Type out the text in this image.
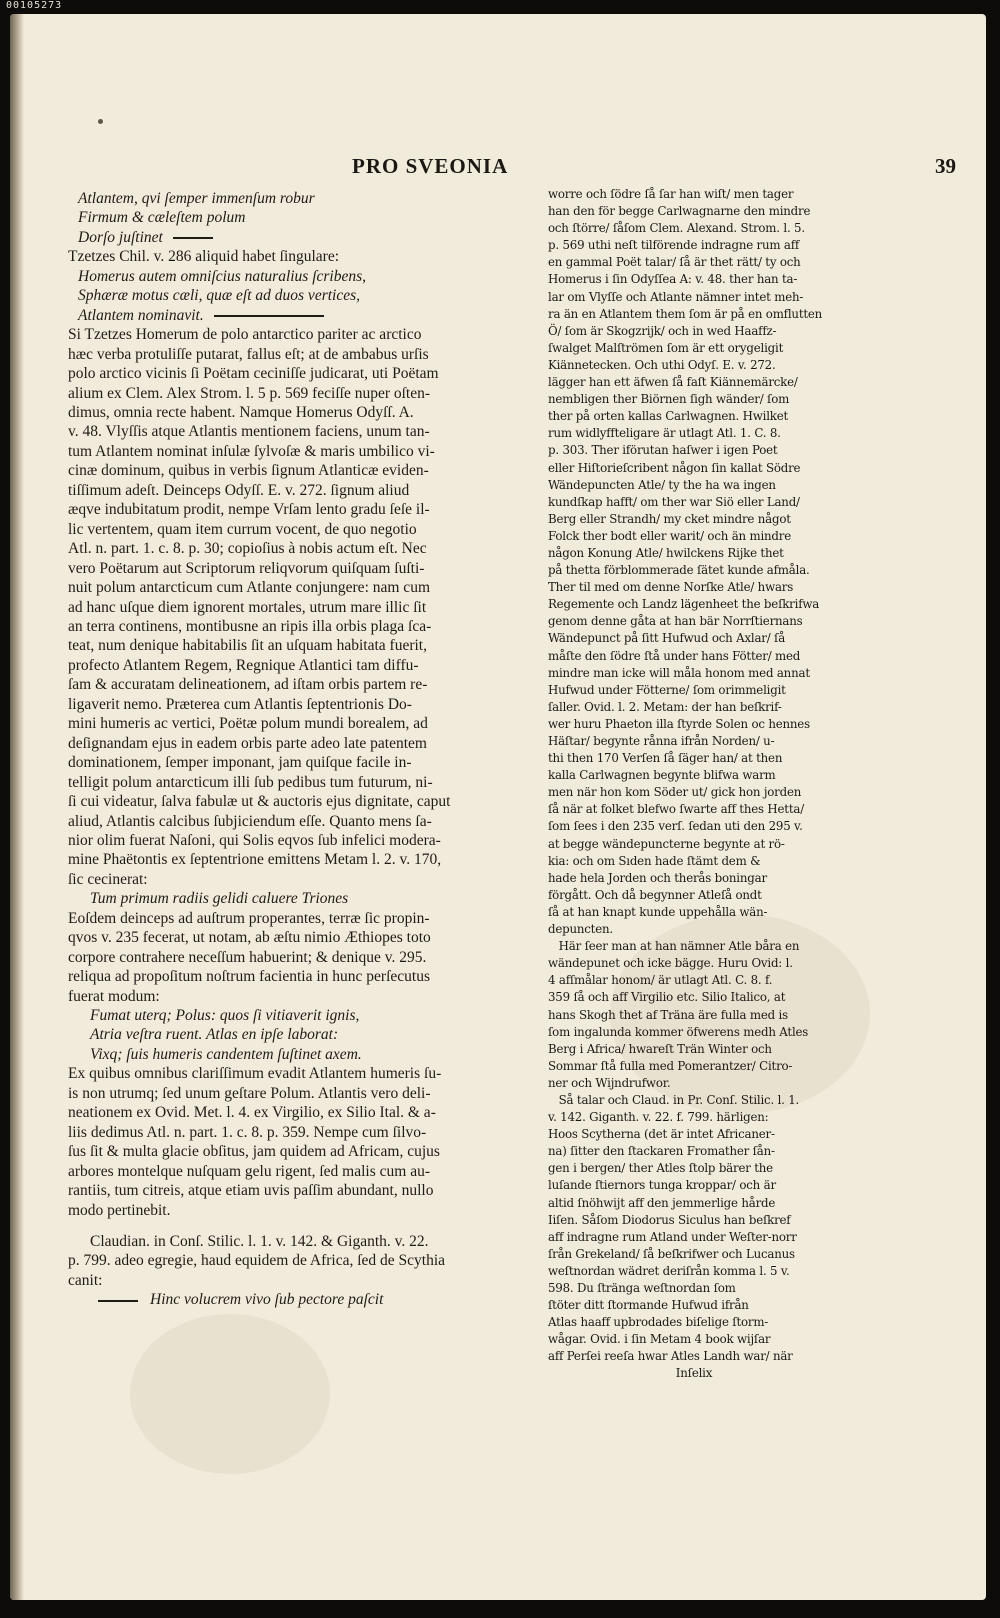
PRO SVEONIA	39

Atlantem, qvi ſemper immenſum robur

Firmum & cæleſtem polum

Dorſo juſtinet

Tzetzes Chil. v. 286 aliquid habet ſingulare:

Homerus autem omniſcius naturalius ſcribens,

Sphæræ motus cæli, quæ eſt ad duos vertices,

Atlantem nominavit.

Si Tzetzes Homerum de polo antarctico pariter ac arctico

hæc verba protuliſſe putarat, fallus eſt; at de ambabus urſis

polo arctico vicinis ſi Poëtam ceciniſſe judicarat, uti Poëtam

alium ex Clem. Alex Strom. l. 5 p. 569 feciſſe nuper oſten-

dimus, omnia recte habent. Namque Homerus Odyſſ. A.

v. 48. Vlyſſis atque Atlantis mentionem faciens, unum tan-

tum Atlantem nominat inſulæ ſylvoſæ & maris umbilico vi-

cinæ dominum, quibus in verbis ſignum Atlanticæ eviden-

tiſſimum adeſt. Deinceps Odyſſ. E. v. 272. ſignum aliud

æqve indubitatum prodit, nempe Vrſam lento gradu ſeſe il-

lic vertentem, quam item currum vocent, de quo negotio

Atl. n. part. 1. c. 8. p. 30; copioſius à nobis actum eſt. Nec

vero Poëtarum aut Scriptorum reliqvorum quiſquam ſuſti-

nuit polum antarcticum cum Atlante conjungere: nam cum

ad hanc uſque diem ignorent mortales, utrum mare illic ſit

an terra continens, montibusne an ripis illa orbis plaga ſca-

teat, num denique habitabilis ſit an uſquam habitata fuerit,

profecto Atlantem Regem, Regnique Atlantici tam diffu-

ſam & accuratam delineationem, ad iſtam orbis partem re-

ligaverit nemo. Præterea cum Atlantis ſeptentrionis Do-

mini humeris ac vertici, Poëtæ polum mundi borealem, ad

deſignandam ejus in eadem orbis parte adeo late patentem

dominationem, ſemper imponant, jam quiſque facile in-

telligit polum antarcticum illi ſub pedibus tum futurum, ni-

ſi cui videatur, ſalva fabulæ ut & auctoris ejus dignitate, caput

aliud, Atlantis calcibus ſubjiciendum eſſe. Quanto mens ſa-

nior olim fuerat Naſoni, qui Solis eqvos ſub infelici modera-

mine Phaëtontis ex ſeptentrione emittens Metam l. 2. v. 170,

ſic cecinerat:

Tum primum radiis gelidi caluere Triones

Eoſdem deinceps ad auſtrum properantes, terræ ſic propin-

qvos v. 235 fecerat, ut notam, ab æſtu nimio Æthiopes toto

corpore contrahere neceſſum habuerint; & denique v. 295.

reliqua ad propoſitum noſtrum facientia in hunc perſecutus

fuerat modum:

Fumat uterq; Polus: quos ſi vitiaverit ignis,

Atria veſtra ruent. Atlas en ipſe laborat:

Vixq; ſuis humeris candentem ſuſtinet axem.

Ex quibus omnibus clariſſimum evadit Atlantem humeris ſu-

is non utrumq; ſed unum geſtare Polum. Atlantis vero deli-

neationem ex Ovid. Met. l. 4. ex Virgilio, ex Silio Ital. & a-

liis dedimus Atl. n. part. 1. c. 8. p. 359. Nempe cum ſilvo-

ſus ſit & multa glacie obſitus, jam quidem ad Africam, cujus

arbores montelque nuſquam gelu rigent, ſed malis cum au-

rantiis, tum citreis, atque etiam uvis paſſim abundant, nullo

modo pertinebit.

Claudian. in Conſ. Stilic. l. 1. v. 142. & Giganth. v. 22.

p. 799. adeo egregie, haud equidem de Africa, ſed de Scythia

canit:

Hinc volucrem vivo ſub pectore paſcit

worre och ſödre ſå ſar han wiſt/ men tager

han den för begge Carlwagnarne den mindre

och ſtörre/ ſåſom Clem. Alexand. Strom. l. 5.

p. 569 uthi neſt tilförende indragne rum aff

en gammal Poët talar/ ſå är thet rätt/ ty och

Homerus i ſin Odyſſea A: v. 48. ther han ta-

lar om Vlyſſe och Atlante nämner intet meh-

ra än en Atlantem them ſom är på en omflutten

Ö/ ſom är Skogzrijk/ och in wed Haaffz-

ſwalget Malſtrömen ſom är ett orygeligit

Kiännetecken. Och uthi Odyſ. E. v. 272.

lägger han ett äfwen ſå faſt Kiännemärcke/

nembligen ther Biörnen ſigh wänder/ ſom

ther på orten kallas Carlwagnen. Hwilket

rum widlyfftеligare är utlagt Atl. 1. C. 8.

p. 303. Ther iförutan haſwer i igen Poet

eller Hiſtorieſcribent någon ſin kallat Södre

Wändepuncten Atle/ ty the ha wa ingen

kundſkap hafft/ om ther war Siö eller Land/

Berg eller Strandh/ my cket mindre något

Folck ther bodt eller warit/ och än mindre

någon Konung Atle/ hwilckens Rijke thet

på thetta förblommerade ſätet kunde afmåla.

Ther til med om denne Norſke Atle/ hwars

Regemente och Landz lägenheet the beſkrifwa

genom denne gåta at han bär Norrſtiernans

Wändepunct på ſitt Hufwud och Axlar/ ſå

måſte den ſödre ſtå under hans Fötter/ med

mindre man icke will måla honom med annat

Hufwud under Fötterne/ ſom orimmeligit

ſaller. Ovid. l. 2. Metam: der han beſkrif-

wer huru Phaeton illa ſtyrde Solen oc hennes

Häſtar/ begynte rånna ifrån Norden/ u-

thi then 170 Verſen ſå ſäger han/ at then

kalla Carlwagnen begynte blifwa warm

men när hon kom Söder ut/ gick hon jorden

ſå när at folket blefwo ſwarte aff thes Hetta/

ſom ſees i den 235 verſ. ſedan uti den 295 v.

at begge wändepuncterne begynte at rö-

kia: och om Sıden hade ſtämt dem &

hade hela Jorden och therås boningar

förgått. Och då begynner Atleſå ondt

ſå at han knapt kunde uppehålla wän-

depuncten.

Här ſeer man at han nämner Atle båra en

wändepunet och icke bägge. Huru Ovid: l.

4 afſmålar honom/ är utlagt Atl. C. 8. f.

359 ſå och aff Virgilio etc. Silio Italico, at

hans Skogh thet af Träna äre fulla med is

ſom ingalunda kommer öfwerens medh Atles

Berg i Africa/ hwareſt Trän Winter och

Sommar ſtå fulla med Pomerantzer/ Citro-

ner och Wijndrufwor.

Så talar och Claud. in Pr. Conſ. Stilic. l. 1.

v. 142. Giganth. v. 22. f. 799. härligen:

Hoos Scytherna (det är intet Africaner-

na) ſitter den ſtackaren Fromather ſån-

gen i bergen/ ther Atles ſtolp bärer the

luſande ſtiernors tunga kroppar/ och är

altid ſnöhwijt aff den jemmerlige hårde

Iiſen. Såſom Diodorus Siculus han beſkref

aff indragne rum Atland under Weſter-norr

ſrån Grekeland/ ſå beſkrifwer och Lucanus

weſtnordan wädret deriſrån komma l. 5 v.

598. Du ſtränga weſtnordan ſom

ſtöter ditt ſtormande Hufwud ifrån

Atlas haaff upbrodades biſelige ſtorm-

wågar. Ovid. i ſin Metam 4 book wijſar

aff Perſei reeſa hwar Atles Landh war/ när

Inſelix

00105273
